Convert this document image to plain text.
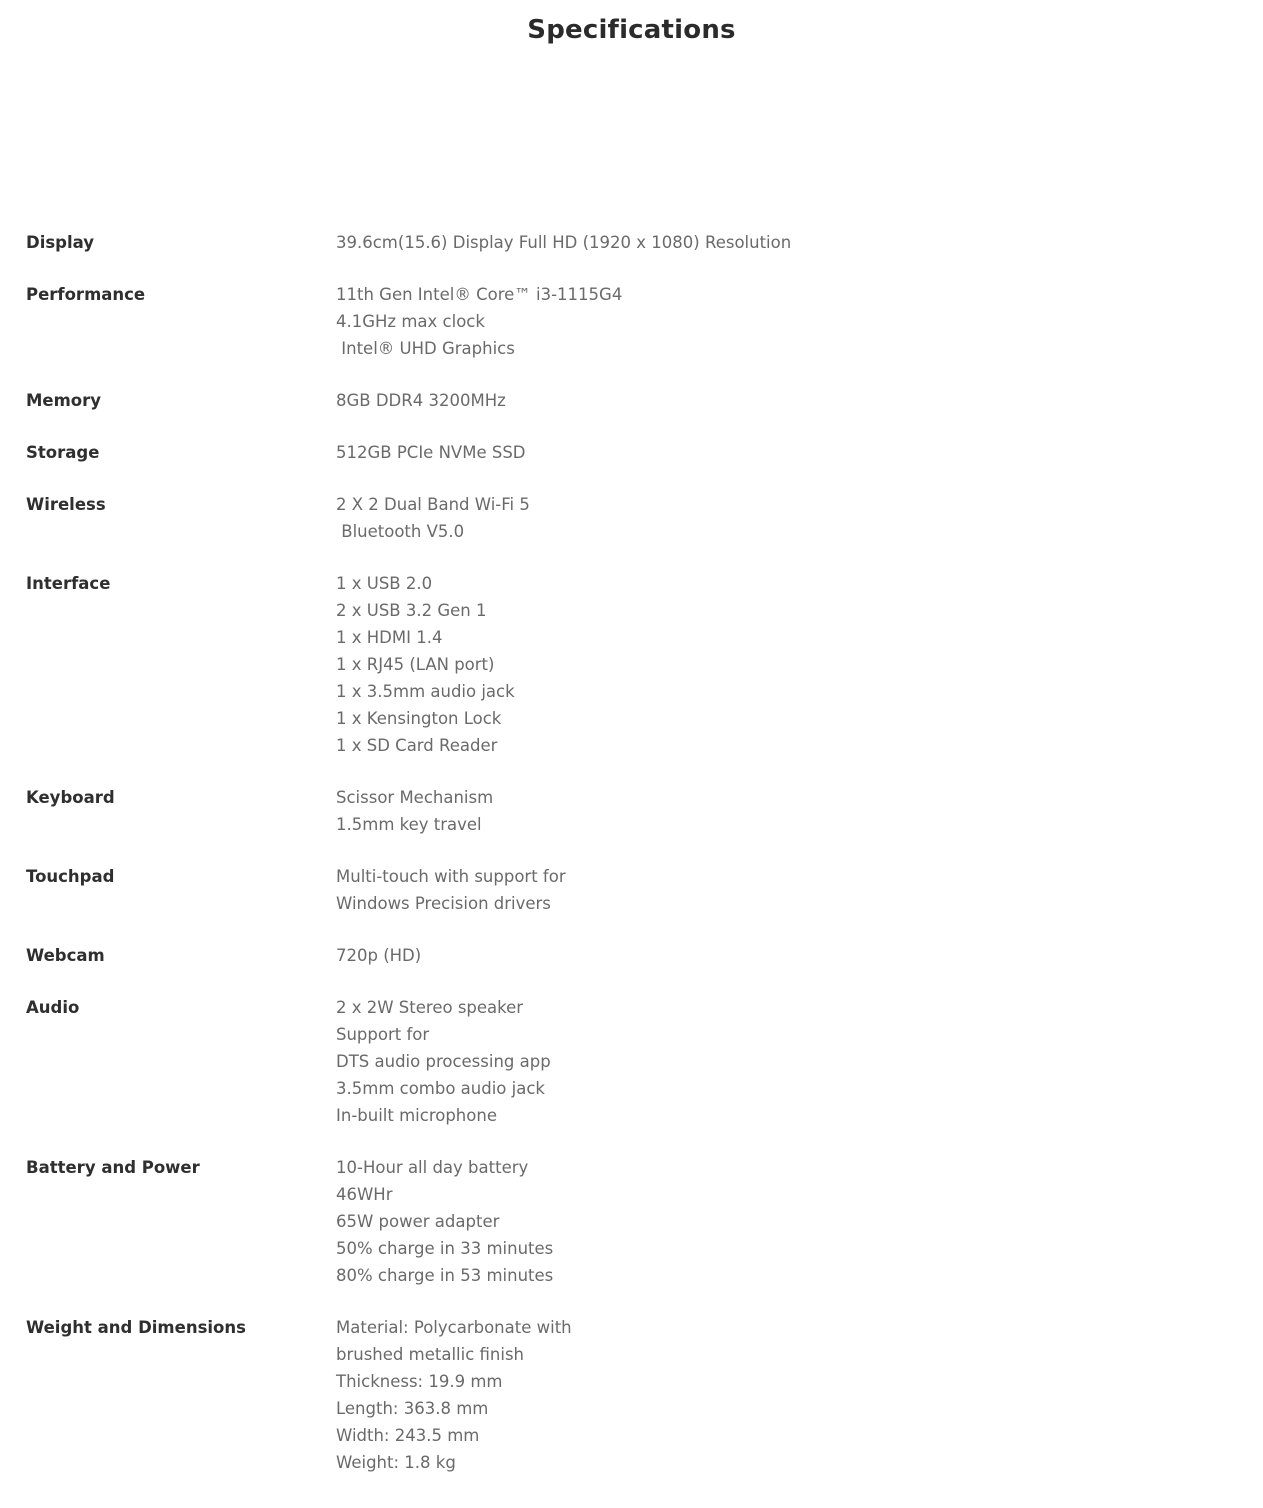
Specifications
Display	39.6cm(15.6) Display Full HD (1920 x 1080) Resolution
Performance	11th Gen Intel® Core™ i3-1115G4
4.1GHz max clock
Intel® UHD Graphics
Memory	8GB DDR4 3200MHz
Storage	512GB PCIe NVMe SSD
Wireless	2 X 2 Dual Band Wi-Fi 5
Bluetooth V5.0
Interface	1 x USB 2.0
2 x USB 3.2 Gen 1
1 x HDMI 1.4
1 x RJ45 (LAN port)
1 x 3.5mm audio jack
1 x Kensington Lock
1 x SD Card Reader
Keyboard	Scissor Mechanism
1.5mm key travel
Touchpad	Multi-touch with support for
Windows Precision drivers
Webcam	720p (HD)
Audio	2 x 2W Stereo speaker
Support for
DTS audio processing app
3.5mm combo audio jack
In-built microphone
Battery and Power	10-Hour all day battery
46WHr
65W power adapter
50% charge in 33 minutes
80% charge in 53 minutes
Weight and Dimensions	Material: Polycarbonate with
brushed metallic finish
Thickness: 19.9 mm
Length: 363.8 mm
Width: 243.5 mm
Weight: 1.8 kg
